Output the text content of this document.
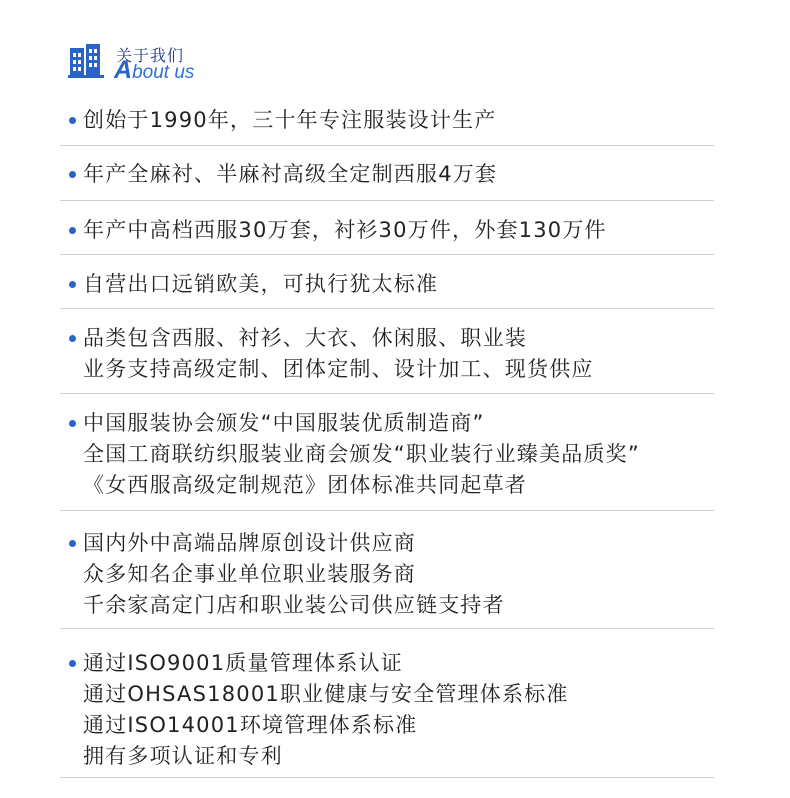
关于我们
About us
创始于1990年，三十年专注服装设计生产
年产全麻衬、半麻衬高级全定制西服4万套
年产中高档西服30万套，衬衫30万件，外套130万件
自营出口远销欧美，可执行犹太标准
品类包含西服、衬衫、大衣、休闲服、职业装
业务支持高级定制、团体定制、设计加工、现货供应
中国服装协会颁发“中国服装优质制造商”
全国工商联纺织服装业商会颁发“职业装行业臻美品质奖”
《女西服高级定制规范》团体标准共同起草者
国内外中高端品牌原创设计供应商
众多知名企事业单位职业装服务商
千余家高定门店和职业装公司供应链支持者
通过ISO9001质量管理体系认证
通过OHSAS18001职业健康与安全管理体系标准
通过ISO14001环境管理体系标准
拥有多项认证和专利
